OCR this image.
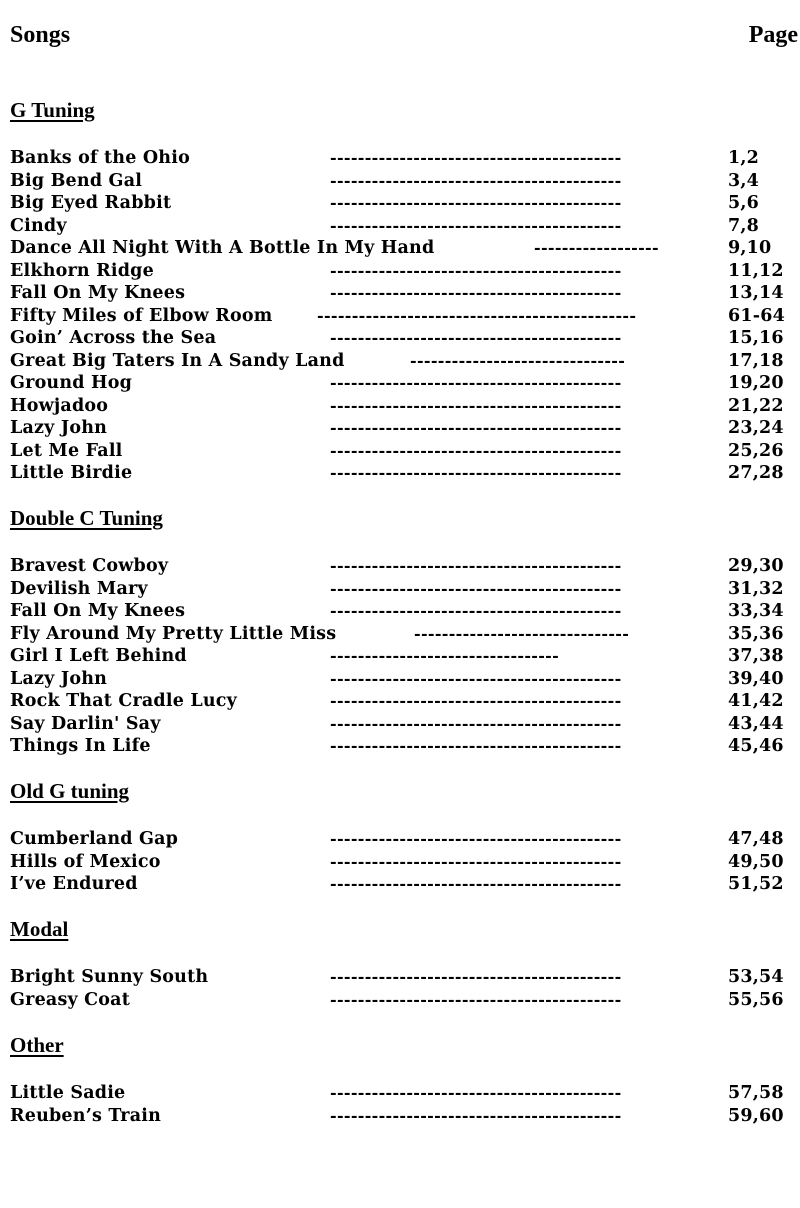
Songs	Page
G Tuning
Banks of the Ohio	------------------------------------------	1,2
Big Bend Gal	------------------------------------------	3,4
Big Eyed Rabbit	------------------------------------------	5,6
Cindy	------------------------------------------	7,8
Dance All Night With A Bottle In My Hand	------------------	9,10
Elkhorn Ridge	------------------------------------------	11,12
Fall On My Knees	------------------------------------------	13,14
Fifty Miles of Elbow Room	----------------------------------------------	61-64
Goin’ Across the Sea	------------------------------------------	15,16
Great Big Taters In A Sandy Land	-------------------------------	17,18
Ground Hog	------------------------------------------	19,20
Howjadoo	------------------------------------------	21,22
Lazy John	------------------------------------------	23,24
Let Me Fall	------------------------------------------	25,26
Little Birdie	------------------------------------------	27,28
Double C Tuning
Bravest Cowboy	------------------------------------------	29,30
Devilish Mary	------------------------------------------	31,32
Fall On My Knees	------------------------------------------	33,34
Fly Around My Pretty Little Miss	-------------------------------	35,36
Girl I Left Behind	---------------------------------	37,38
Lazy John	------------------------------------------	39,40
Rock That Cradle Lucy	------------------------------------------	41,42
Say Darlin' Say	------------------------------------------	43,44
Things In Life	------------------------------------------	45,46
Old G tuning
Cumberland Gap	------------------------------------------	47,48
Hills of Mexico	------------------------------------------	49,50
I’ve Endured	------------------------------------------	51,52
Modal
Bright Sunny South	------------------------------------------	53,54
Greasy Coat	------------------------------------------	55,56
Other
Little Sadie	------------------------------------------	57,58
Reuben’s Train	------------------------------------------	59,60
